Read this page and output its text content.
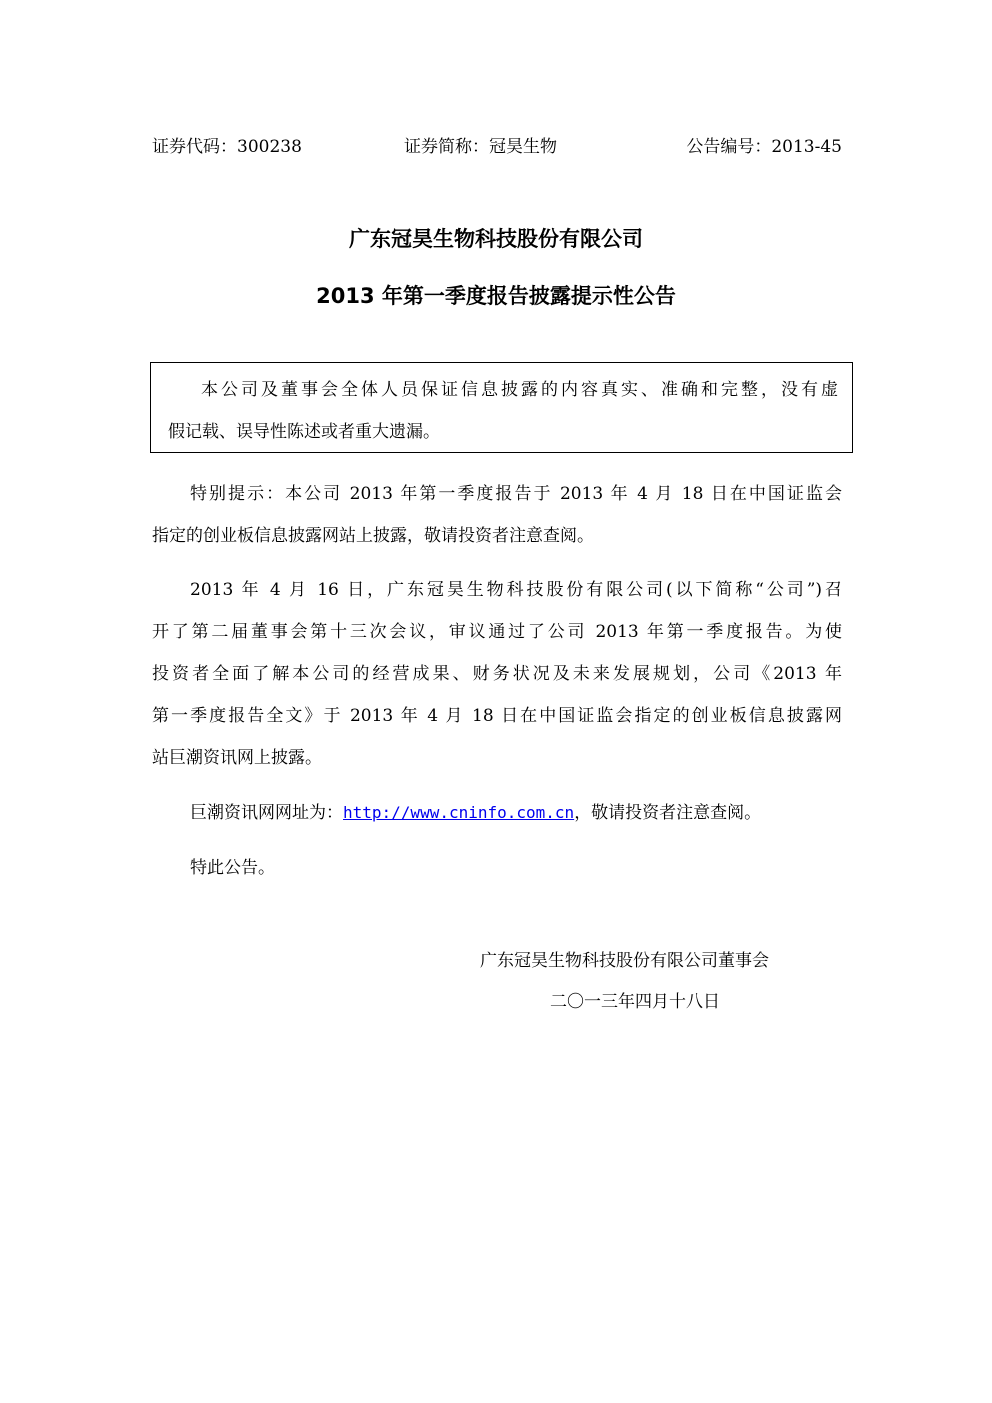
证券代码：300238	证券简称：冠昊生物	公告编号：2013-45
广东冠昊生物科技股份有限公司
2013 年第一季度报告披露提示性公告
本公司及董事会全体人员保证信息披露的内容真实、准确和完整，没有虚
假记载、误导性陈述或者重大遗漏。
特别提示：本公司 2013 年第一季度报告于 2013 年 4 月 18 日在中国证监会
指定的创业板信息披露网站上披露，敬请投资者注意查阅。
2013 年 4 月 16 日，广东冠昊生物科技股份有限公司(以下简称“公司”)召
开了第二届董事会第十三次会议，审议通过了公司 2013 年第一季度报告。为使
投资者全面了解本公司的经营成果、财务状况及未来发展规划，公司《2013 年
第一季度报告全文》于 2013 年 4 月 18 日在中国证监会指定的创业板信息披露网
站巨潮资讯网上披露。
巨潮资讯网网址为：http://www.cninfo.com.cn，敬请投资者注意查阅。
特此公告。
广东冠昊生物科技股份有限公司董事会
二〇一三年四月十八日
